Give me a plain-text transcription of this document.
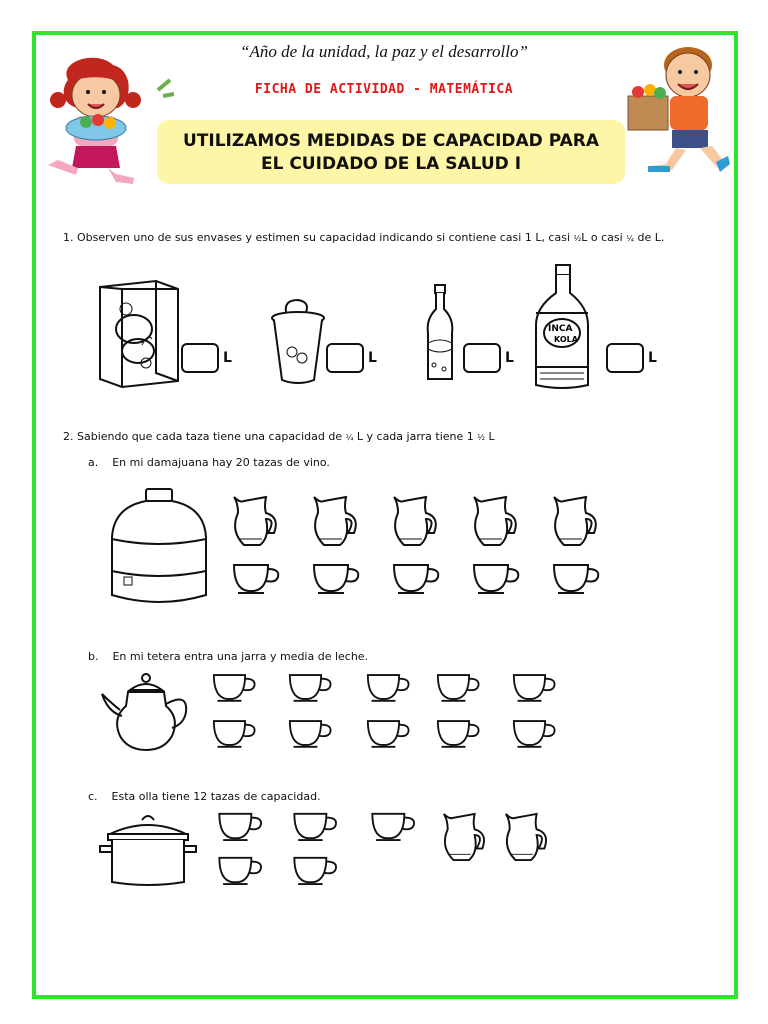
“Año de la unidad, la paz y el desarrollo”
FICHA DE ACTIVIDAD - MATEMÁTICA
UTILIZAMOS MEDIDAS DE CAPACIDAD PARA
EL CUIDADO DE LA SALUD I
1. Observen uno de sus envases y estimen su capacidad indicando si contiene casi 1 L, casi ½L o casi ¼ de L.
L	L	L
INCA
KOLA
L
2. Sabiendo que cada taza tiene una capacidad de ¼ L y cada jarra tiene 1 ½ L
a.    En mi damajuana hay 20 tazas de vino.
b.    En mi tetera entra una jarra y media de leche.
c.    Esta olla tiene 12 tazas de capacidad.
